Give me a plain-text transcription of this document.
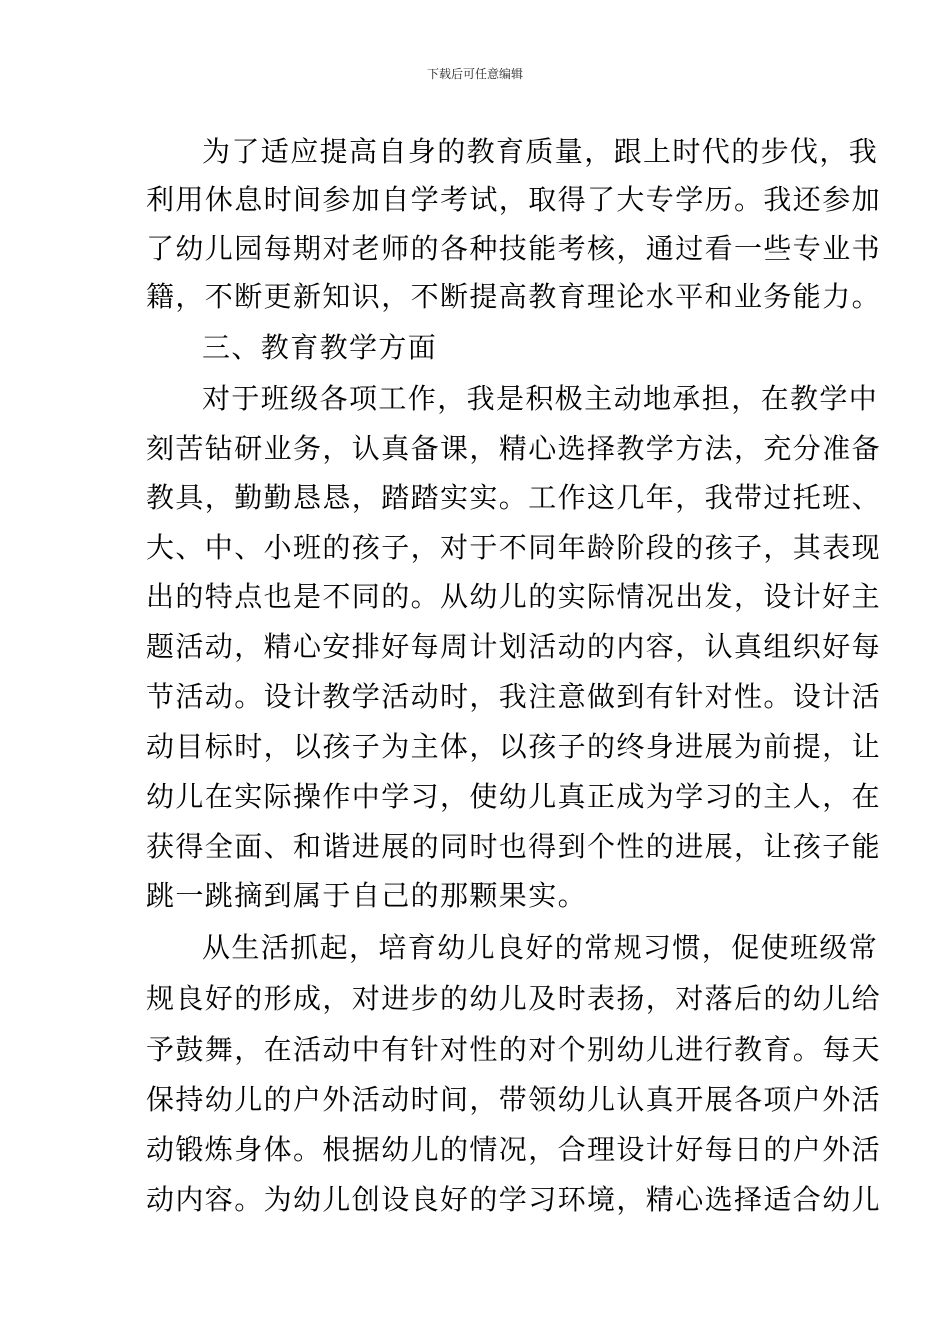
下载后可任意编辑
为了适应提高自身的教育质量，跟上时代的步伐，我
利用休息时间参加自学考试，取得了大专学历。我还参加
了幼儿园每期对老师的各种技能考核，通过看一些专业书
籍，不断更新知识，不断提高教育理论水平和业务能力。
三、教育教学方面
对于班级各项工作，我是积极主动地承担，在教学中
刻苦钻研业务，认真备课，精心选择教学方法，充分准备
教具，勤勤恳恳，踏踏实实。工作这几年，我带过托班、
大、中、小班的孩子，对于不同年龄阶段的孩子，其表现
出的特点也是不同的。从幼儿的实际情况出发，设计好主
题活动，精心安排好每周计划活动的内容，认真组织好每
节活动。设计教学活动时，我注意做到有针对性。设计活
动目标时，以孩子为主体，以孩子的终身进展为前提，让
幼儿在实际操作中学习，使幼儿真正成为学习的主人，在
获得全面、和谐进展的同时也得到个性的进展，让孩子能
跳一跳摘到属于自己的那颗果实。
从生活抓起，培育幼儿良好的常规习惯，促使班级常
规良好的形成，对进步的幼儿及时表扬，对落后的幼儿给
予鼓舞，在活动中有针对性的对个别幼儿进行教育。每天
保持幼儿的户外活动时间，带领幼儿认真开展各项户外活
动锻炼身体。根据幼儿的情况，合理设计好每日的户外活
动内容。为幼儿创设良好的学习环境，精心选择适合幼儿
